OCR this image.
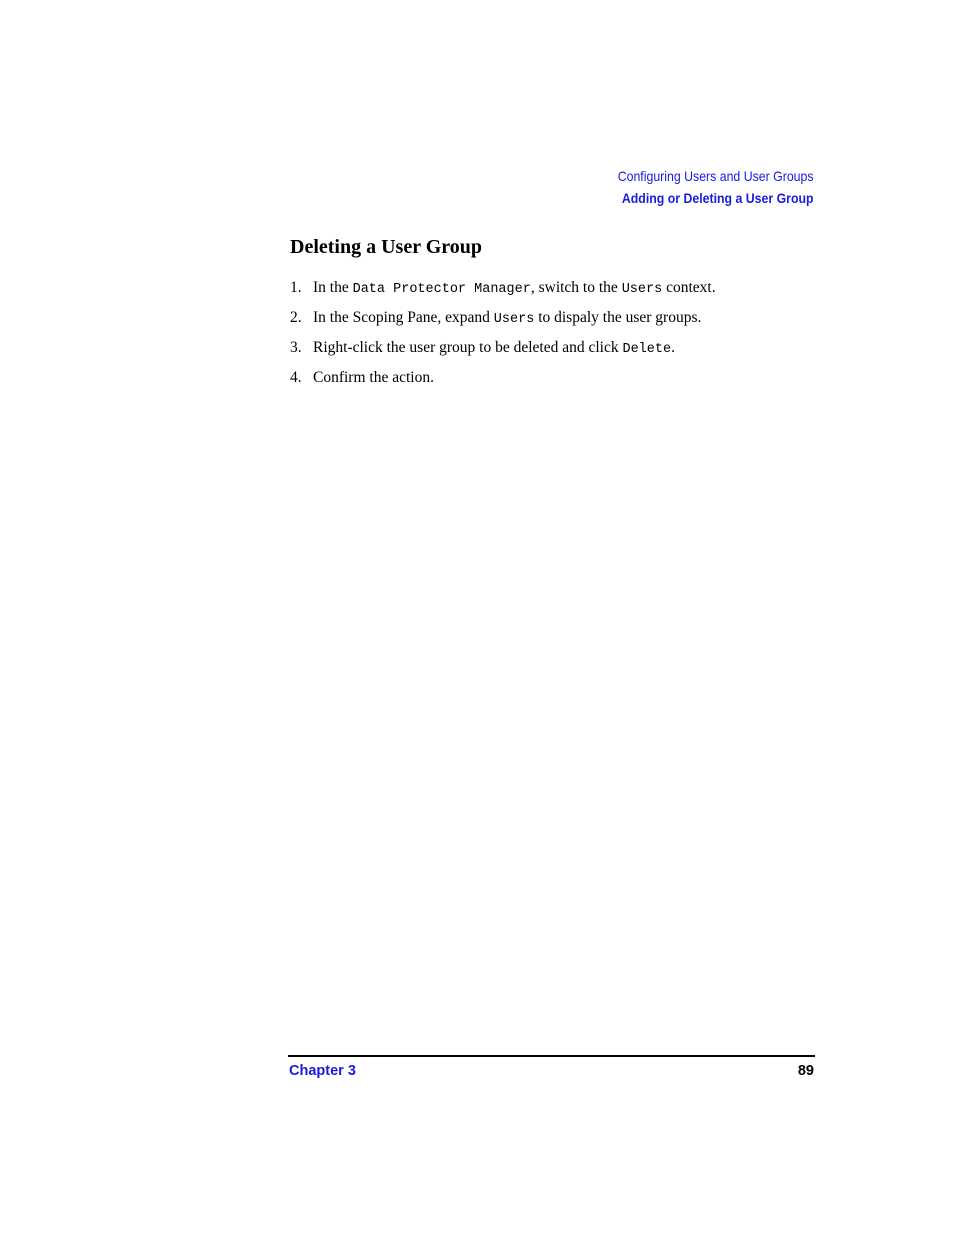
Configuring Users and User Groups
Adding or Deleting a User Group
Deleting a User Group
1. In the Data Protector Manager, switch to the Users context.
2. In the Scoping Pane, expand Users to dispaly the user groups.
3. Right-click the user group to be deleted and click Delete.
4. Confirm the action.
Chapter 3	89
